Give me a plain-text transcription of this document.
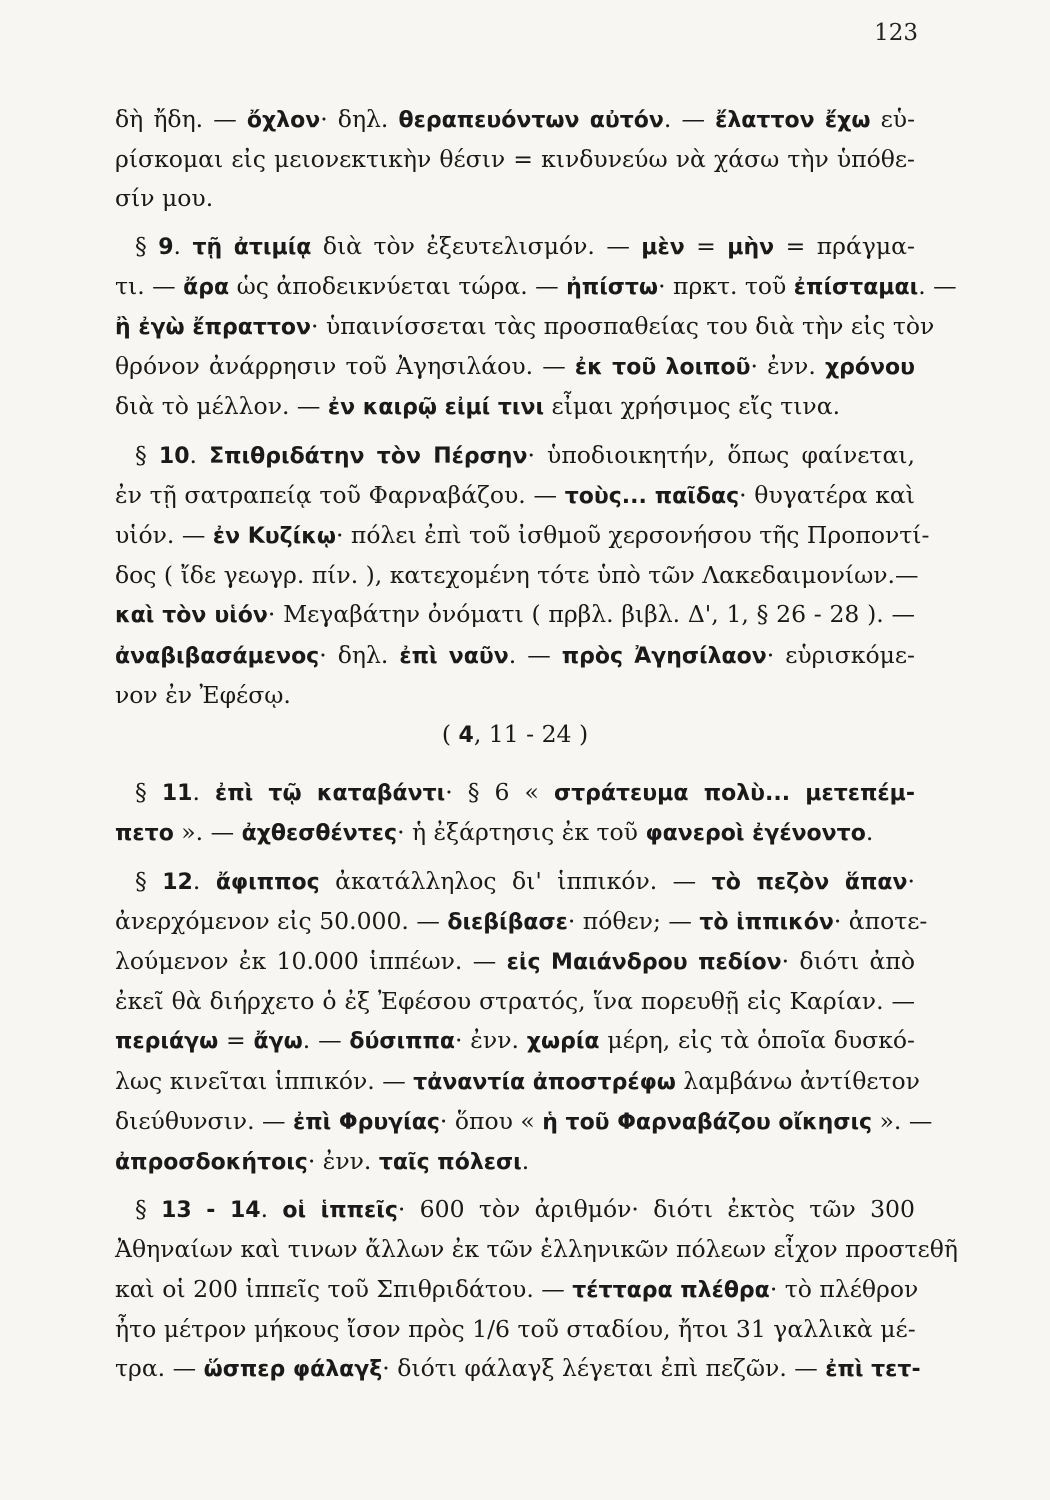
123
δὴ ἤδη. — ὄχλον· δηλ. θεραπευόντων αὐτόν. — ἔλαττον ἔχω εὑ-
ρίσκομαι εἰς μειονεκτικὴν θέσιν = κινδυνεύω νὰ χάσω τὴν ὑπόθε-
σίν μου.
§ 9. τῇ ἀτιμίᾳ διὰ τὸν ἐξευτελισμόν. — μὲν = μὴν = πράγμα-
τι. — ἄρα ὡς ἀποδεικνύεται τώρα. — ἠπίστω· πρκτ. τοῦ ἐπίσταμαι. —
ἢ ἐγὼ ἔπραττον· ὑπαινίσσεται τὰς προσπαθείας του διὰ τὴν εἰς τὸν
θρόνον ἀνάρρησιν τοῦ Ἀγησιλάου. — ἐκ τοῦ λοιποῦ· ἐνν. χρόνου
διὰ τὸ μέλλον. — ἐν καιρῷ εἰμί τινι εἶμαι χρήσιμος εἴς τινα.
§ 10. Σπιθριδάτην τὸν Πέρσην· ὑποδιοικητήν, ὅπως φαίνεται,
ἐν τῇ σατραπείᾳ τοῦ Φαρναβάζου. — τοὺς... παῖδας· θυγατέρα καὶ
υἱόν. — ἐν Κυζίκῳ· πόλει ἐπὶ τοῦ ἰσθμοῦ χερσονήσου τῆς Προποντί-
δος ( ἴδε γεωγρ. πίν. ), κατεχομένη τότε ὑπὸ τῶν Λακεδαιμονίων.—
καὶ τὸν υἱόν· Μεγαβάτην ὀνόματι ( πρβλ. βιβλ. Δ', 1, § 26 - 28 ). —
ἀναβιβασάμενος· δηλ. ἐπὶ ναῦν. — πρὸς Ἀγησίλαον· εὑρισκόμε-
νον ἐν Ἐφέσῳ.
( 4, 11 - 24 )
§ 11. ἐπὶ τῷ καταβάντι· § 6 « στράτευμα πολὺ... μετεπέμ-
πετο ». — ἀχθεσθέντες· ἡ ἐξάρτησις ἐκ τοῦ φανεροὶ ἐγένοντο.
§ 12. ἄφιππος ἀκατάλληλος δι' ἱππικόν. — τὸ πεζὸν ἅπαν·
ἀνερχόμενον εἰς 50.000. — διεβίβασε· πόθεν; — τὸ ἱππικόν· ἀποτε-
λούμενον ἐκ 10.000 ἱππέων. — εἰς Μαιάνδρου πεδίον· διότι ἀπὸ
ἐκεῖ θὰ διήρχετο ὁ ἐξ Ἐφέσου στρατός, ἵνα πορευθῇ εἰς Καρίαν. —
περιάγω = ἄγω. — δύσιππα· ἐνν. χωρία μέρη, εἰς τὰ ὁποῖα δυσκό-
λως κινεῖται ἱππικόν. — τἀναντία ἀποστρέφω λαμβάνω ἀντίθετον
διεύθυνσιν. — ἐπὶ Φρυγίας· ὅπου « ἡ τοῦ Φαρναβάζου οἴκησις ». —
ἀπροσδοκήτοις· ἐνν. ταῖς πόλεσι.
§ 13 - 14. οἱ ἱππεῖς· 600 τὸν ἀριθμόν· διότι ἐκτὸς τῶν 300
Ἀθηναίων καὶ τινων ἄλλων ἐκ τῶν ἑλληνικῶν πόλεων εἶχον προστεθῆ
καὶ οἱ 200 ἱππεῖς τοῦ Σπιθριδάτου. — τέτταρα πλέθρα· τὸ πλέθρον
ἦτο μέτρον μήκους ἴσον πρὸς 1/6 τοῦ σταδίου, ἤτοι 31 γαλλικὰ μέ-
τρα. — ὥσπερ φάλαγξ· διότι φάλαγξ λέγεται ἐπὶ πεζῶν. — ἐπὶ τετ-
